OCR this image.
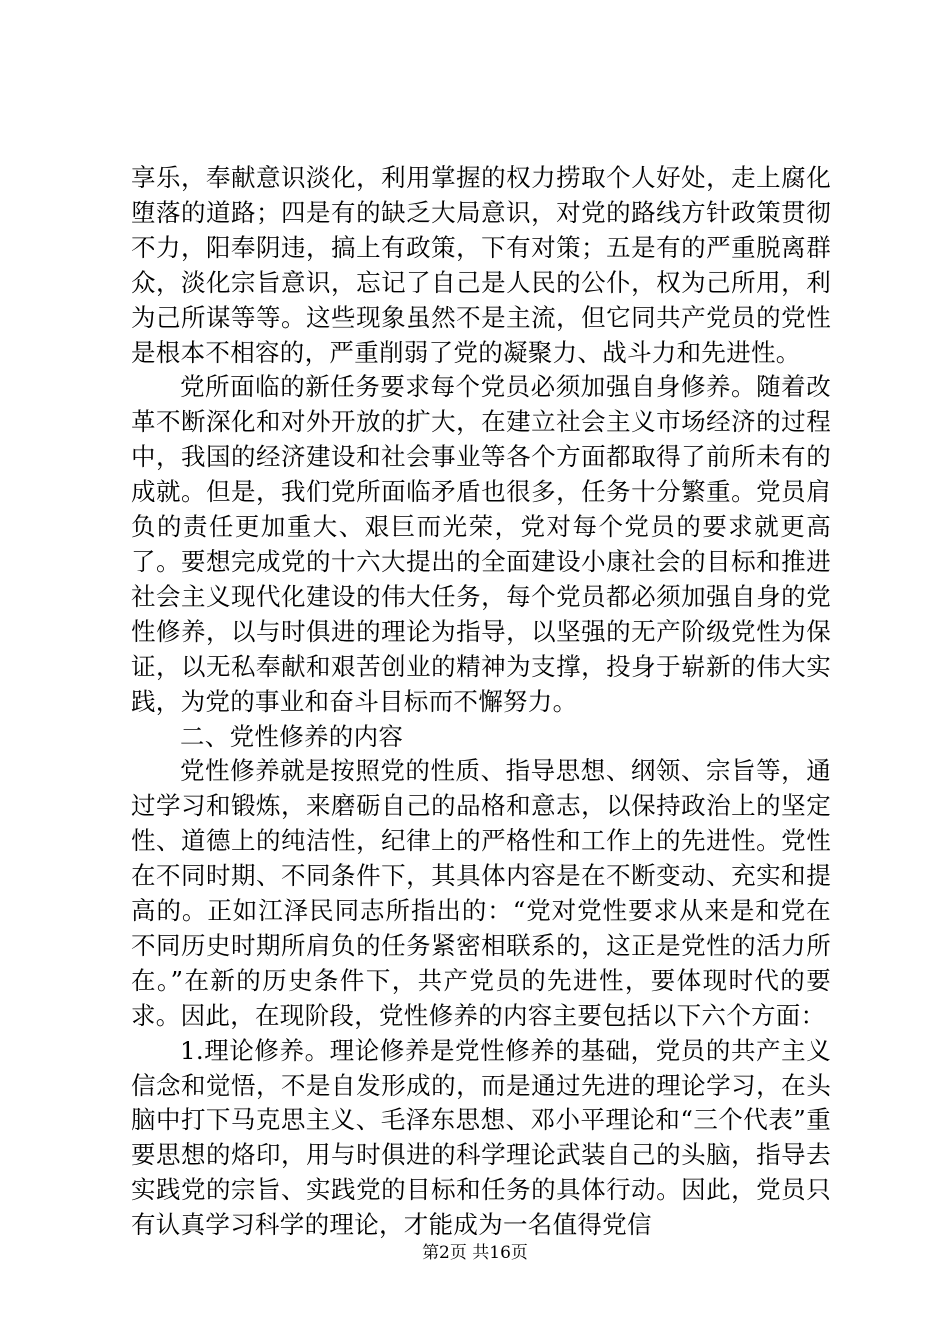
享乐，奉献意识淡化，利用掌握的权力捞取个人好处，走上腐化堕落的道路；四是有的缺乏大局意识，对党的路线方针政策贯彻不力，阳奉阴违，搞上有政策，下有对策；五是有的严重脱离群众，淡化宗旨意识，忘记了自己是人民的公仆，权为己所用，利为己所谋等等。这些现象虽然不是主流，但它同共产党员的党性是根本不相容的，严重削弱了党的凝聚力、战斗力和先进性。

党所面临的新任务要求每个党员必须加强自身修养。随着改革不断深化和对外开放的扩大，在建立社会主义市场经济的过程中，我国的经济建设和社会事业等各个方面都取得了前所未有的成就。但是，我们党所面临矛盾也很多，任务十分繁重。党员肩负的责任更加重大、艰巨而光荣，党对每个党员的要求就更高了。要想完成党的十六大提出的全面建设小康社会的目标和推进社会主义现代化建设的伟大任务，每个党员都必须加强自身的党性修养，以与时俱进的理论为指导，以坚强的无产阶级党性为保证，以无私奉献和艰苦创业的精神为支撑，投身于崭新的伟大实践，为党的事业和奋斗目标而不懈努力。

二、党性修养的内容

党性修养就是按照党的性质、指导思想、纲领、宗旨等，通过学习和锻炼，来磨砺自己的品格和意志，以保持政治上的坚定性、道德上的纯洁性，纪律上的严格性和工作上的先进性。党性在不同时期、不同条件下，其具体内容是在不断变动、充实和提高的。正如江泽民同志所指出的：“党对党性要求从来是和党在不同历史时期所肩负的任务紧密相联系的，这正是党性的活力所在。”在新的历史条件下，共产党员的先进性，要体现时代的要求。因此，在现阶段，党性修养的内容主要包括以下六个方面：

1.理论修养。理论修养是党性修养的基础，党员的共产主义信念和觉悟，不是自发形成的，而是通过先进的理论学习，在头脑中打下马克思主义、毛泽东思想、邓小平理论和“三个代表”重要思想的烙印，用与时俱进的科学理论武装自己的头脑，指导去实践党的宗旨、实践党的目标和任务的具体行动。因此，党员只有认真学习科学的理论，才能成为一名值得党信

第2页 共16页
